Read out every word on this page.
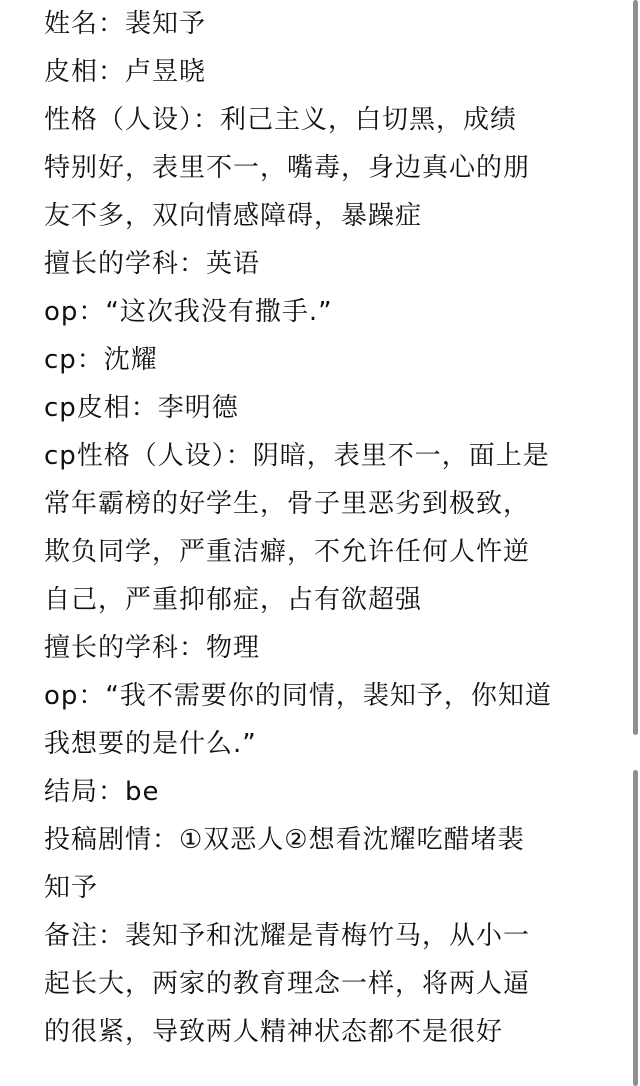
姓名：裴知予
皮相：卢昱晓
性格（人设）：利己主义，白切黑，成绩
特别好，表里不一，嘴毒，身边真心的朋
友不多，双向情感障碍，暴躁症
擅长的学科：英语
op：“这次我没有撒手.”
cp：沈耀
cp皮相：李明德
cp性格（人设）：阴暗，表里不一，面上是
常年霸榜的好学生，骨子里恶劣到极致，
欺负同学，严重洁癖，不允许任何人忤逆
自己，严重抑郁症，占有欲超强
擅长的学科：物理
op：“我不需要你的同情，裴知予，你知道
我想要的是什么.”
结局：be
投稿剧情：①双恶人②想看沈耀吃醋堵裴
知予
备注：裴知予和沈耀是青梅竹马，从小一
起长大，两家的教育理念一样，将两人逼
的很紧，导致两人精神状态都不是很好
